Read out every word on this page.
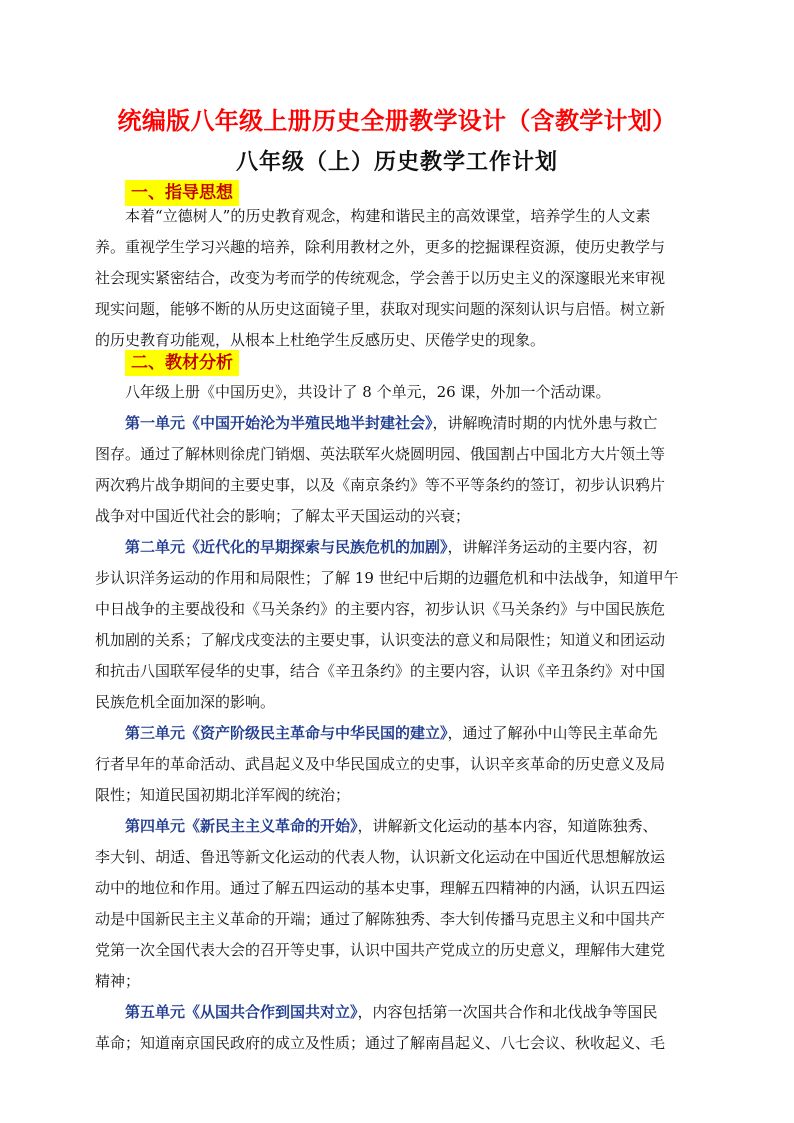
统编版八年级上册历史全册教学设计（含教学计划）
八年级（上）历史教学工作计划
一、指导思想
本着“立德树人”的历史教育观念，构建和谐民主的高效课堂，培养学生的人文素
养。重视学生学习兴趣的培养，除利用教材之外，更多的挖掘课程资源，使历史教学与
社会现实紧密结合，改变为考而学的传统观念，学会善于以历史主义的深邃眼光来审视
现实问题，能够不断的从历史这面镜子里，获取对现实问题的深刻认识与启悟。树立新
的历史教育功能观，从根本上杜绝学生反感历史、厌倦学史的现象。
二、教材分析
八年级上册《中国历史》，共设计了 8 个单元，26 课，外加一个活动课。
第一单元《中国开始沦为半殖民地半封建社会》，讲解晚清时期的内忧外患与救亡
图存。通过了解林则徐虎门销烟、英法联军火烧圆明园、俄国割占中国北方大片领土等
两次鸦片战争期间的主要史事，以及《南京条约》等不平等条约的签订，初步认识鸦片
战争对中国近代社会的影响；了解太平天国运动的兴衰；
第二单元《近代化的早期探索与民族危机的加剧》，讲解洋务运动的主要内容，初
步认识洋务运动的作用和局限性；了解 19 世纪中后期的边疆危机和中法战争，知道甲午
中日战争的主要战役和《马关条约》的主要内容，初步认识《马关条约》与中国民族危
机加剧的关系；了解戊戌变法的主要史事，认识变法的意义和局限性；知道义和团运动
和抗击八国联军侵华的史事，结合《辛丑条约》的主要内容，认识《辛丑条约》对中国
民族危机全面加深的影响。
第三单元《资产阶级民主革命与中华民国的建立》，通过了解孙中山等民主革命先
行者早年的革命活动、武昌起义及中华民国成立的史事，认识辛亥革命的历史意义及局
限性；知道民国初期北洋军阀的统治；
第四单元《新民主主义革命的开始》，讲解新文化运动的基本内容，知道陈独秀、
李大钊、胡适、鲁迅等新文化运动的代表人物，认识新文化运动在中国近代思想解放运
动中的地位和作用。通过了解五四运动的基本史事，理解五四精神的内涵，认识五四运
动是中国新民主主义革命的开端；通过了解陈独秀、李大钊传播马克思主义和中国共产
党第一次全国代表大会的召开等史事，认识中国共产党成立的历史意义，理解伟大建党
精神；
第五单元《从国共合作到国共对立》，内容包括第一次国共合作和北伐战争等国民
革命；知道南京国民政府的成立及性质；通过了解南昌起义、八七会议、秋收起义、毛
